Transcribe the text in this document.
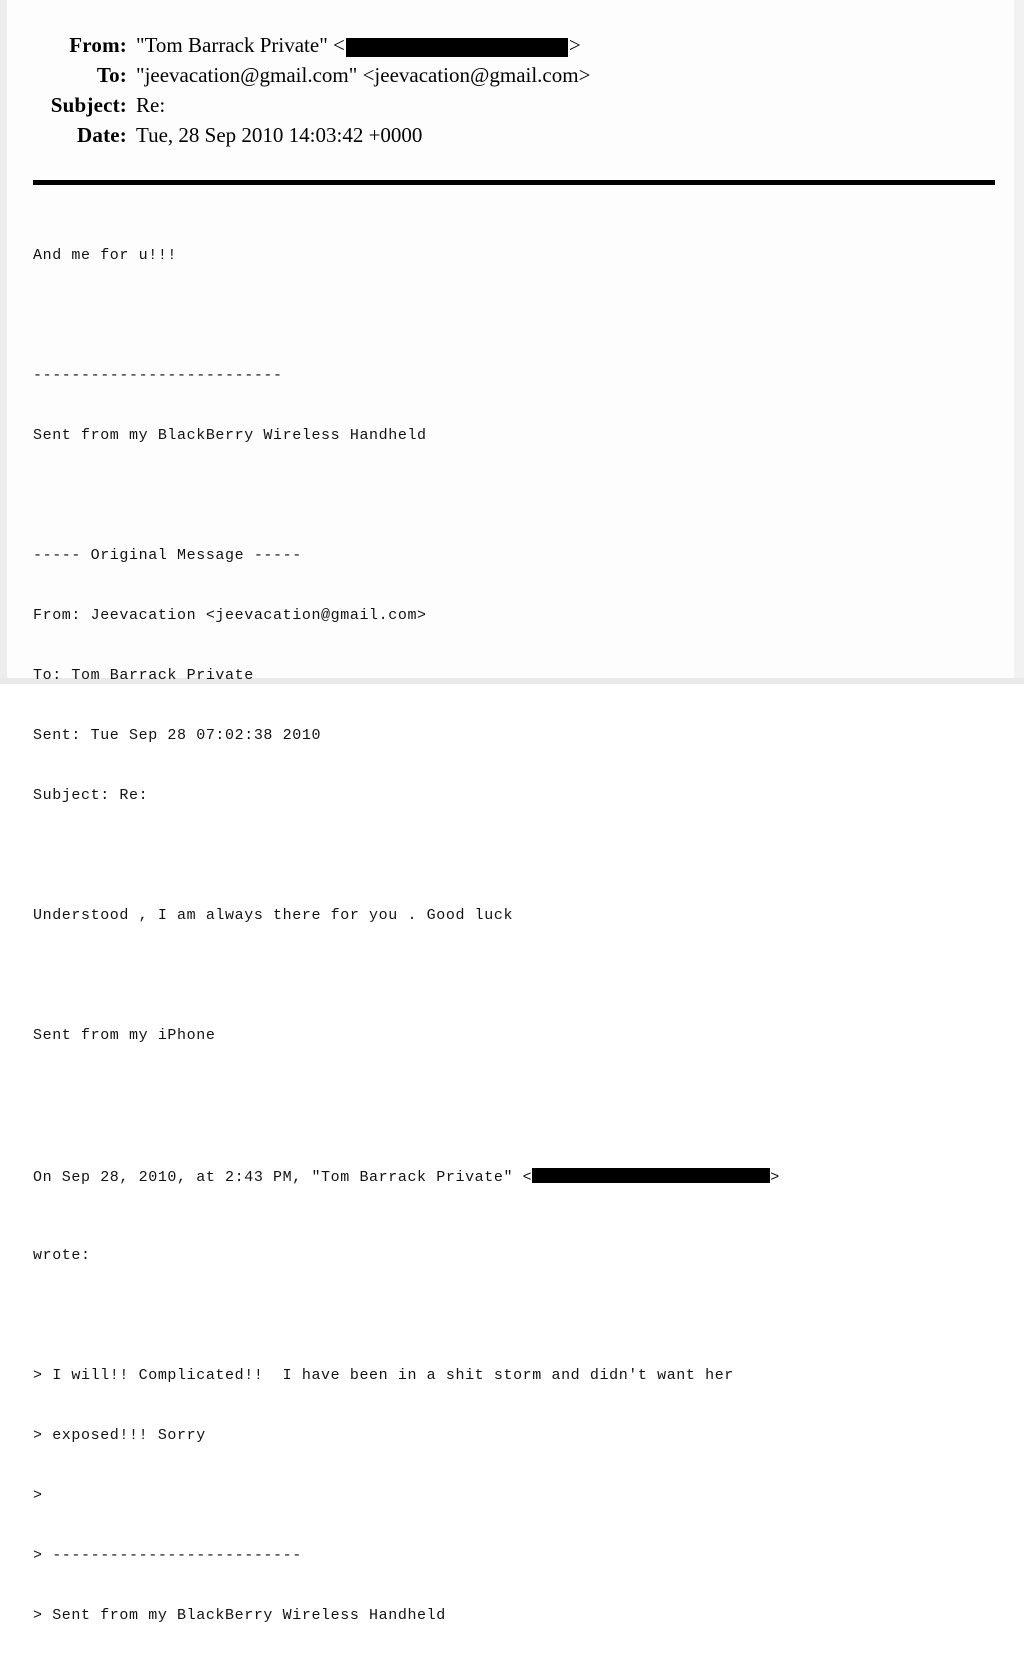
From: "Tom Barrack Private" <	>
To: "jeevacation@gmail.com" <jeevacation@gmail.com>
Subject: Re:
Date: Tue, 28 Sep 2010 14:03:42 +0000

And me for u!!!

--------------------------

Sent from my BlackBerry Wireless Handheld

----- Original Message -----

From: Jeevacation <jeevacation@gmail.com>

To: Tom Barrack Private

Sent: Tue Sep 28 07:02:38 2010

Subject: Re:

Understood , I am always there for you . Good luck

Sent from my iPhone

On Sep 28, 2010, at 2:43 PM, "Tom Barrack Private" <	>

wrote:

> I will!! Complicated!!  I have been in a shit storm and didn't want her

> exposed!!! Sorry

>

> --------------------------

> Sent from my BlackBerry Wireless Handheld
